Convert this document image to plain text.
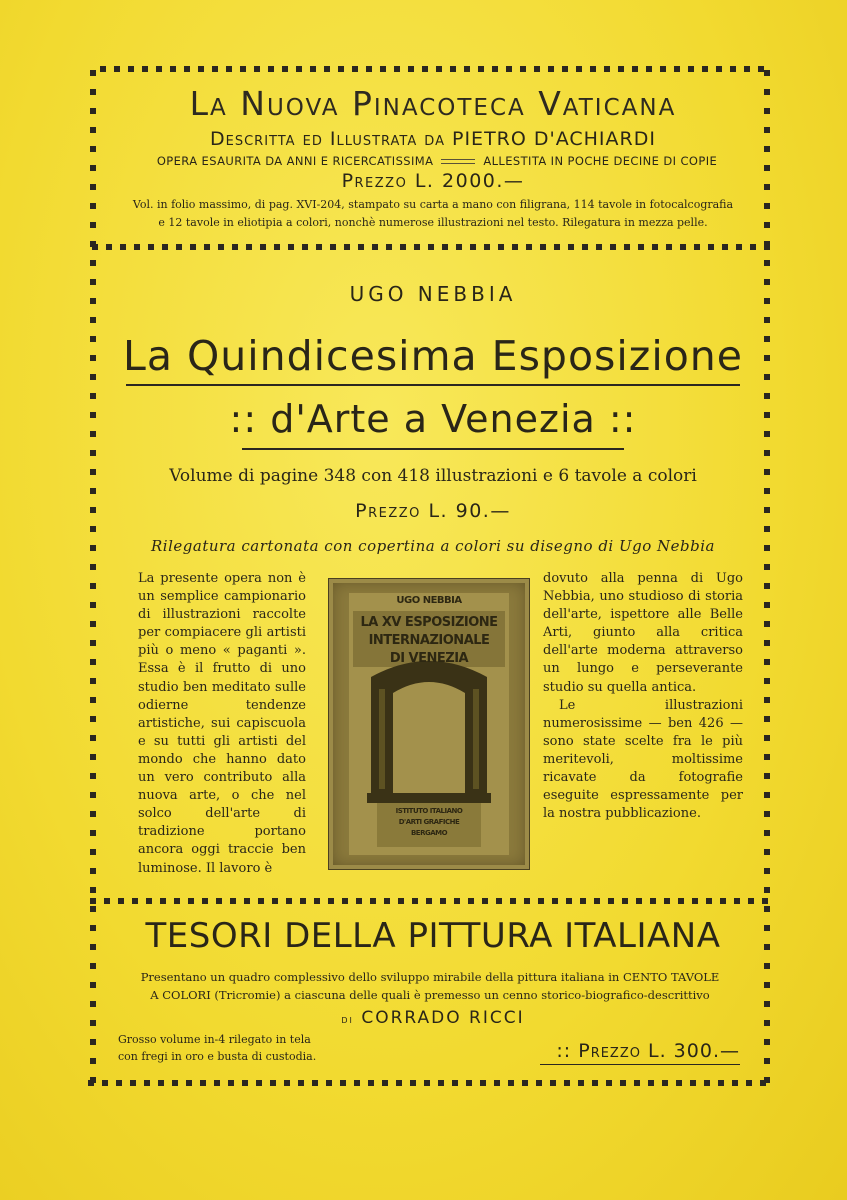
La Nuova Pinacoteca Vaticana
Descritta ed Illustrata da PIETRO D'ACHIARDI
OPERA ESAURITA DA ANNI E RICERCATISSIMA	ALLESTITA IN POCHE DECINE DI COPIE
Prezzo L. 2000.—
Vol. in folio massimo, di pag. XVI-204, stampato su carta a mano con filigrana, 114 tavole in fotocalcografia
e 12 tavole in eliotipia a colori, nonchè numerose illustrazioni nel testo. Rilegatura in mezza pelle.
UGO NEBBIA
La Quindicesima Esposizione
:: d'Arte a Venezia ::
Volume di pagine 348 con 418 illustrazioni e 6 tavole a colori
Prezzo L. 90.—
Rilegatura cartonata con copertina a colori su disegno di Ugo Nebbia

La presente opera non è un semplice campionario di illustrazioni raccolte per compiacere gli artisti più o meno « paganti ». Essa è il frutto di uno studio ben meditato sulle odierne tendenze artistiche, sui capiscuola e su tutti gli artisti del mondo che hanno dato un vero contributo alla nuova arte, o che nel solco dell'arte di tradizione portano ancora oggi traccie ben luminose. Il lavoro è

UGO NEBBIA
LA XV ESPOSIZIONE
INTERNAZIONALE
DI VENEZIA
ISTITUTO ITALIANO
D'ARTI GRAFICHE
BERGAMO

dovuto alla penna di Ugo Nebbia, uno studioso di storia dell'arte, ispettore alle Belle Arti, giunto alla critica dell'arte moderna attraverso un lungo e perseverante studio su quella antica.

Le illustrazioni numerosissime — ben 426 — sono state scelte fra le più meritevoli, moltissime ricavate da fotografie eseguite espressamente per la nostra pubblicazione.

TESORI DELLA PITTURA ITALIANA
Presentano un quadro complessivo dello sviluppo mirabile della pittura italiana in CENTO TAVOLE
A COLORI (Tricromie) a ciascuna delle quali è premesso un cenno storico-biografico-descrittivo
di CORRADO RICCI
Grosso volume in-4 rilegato in tela
con fregi in oro e busta di custodia.	:: Prezzo L. 300.—
